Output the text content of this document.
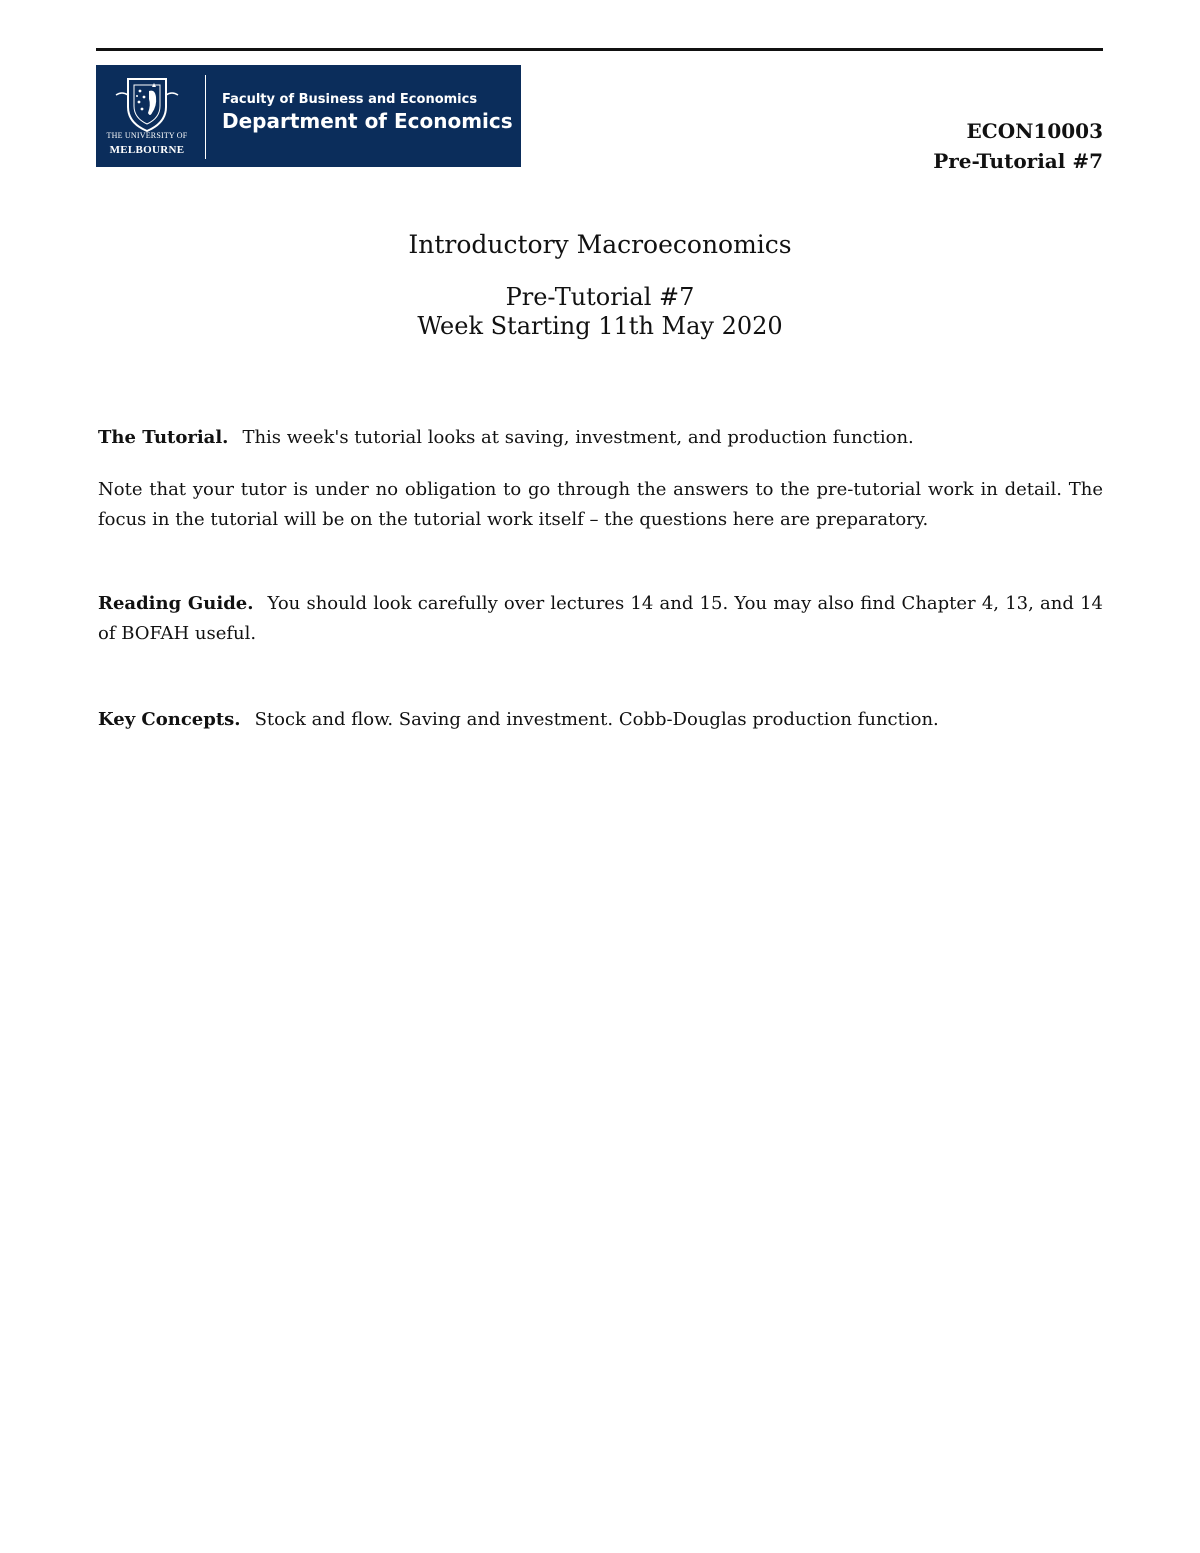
THE UNIVERSITY OF
MELBOURNE
Faculty of Business and Economics
Department of Economics	ECON10003
Pre-Tutorial #7
Introductory Macroeconomics
Pre-Tutorial #7
Week Starting 11th May 2020

The Tutorial. This week's tutorial looks at saving, investment, and production function.

Note that your tutor is under no obligation to go through the answers to the pre-tutorial work in detail. The focus in the tutorial will be on the tutorial work itself – the questions here are preparatory.

Reading Guide. You should look carefully over lectures 14 and 15. You may also find Chapter 4, 13, and 14 of BOFAH useful.

Key Concepts. Stock and flow. Saving and investment. Cobb-Douglas production function.
